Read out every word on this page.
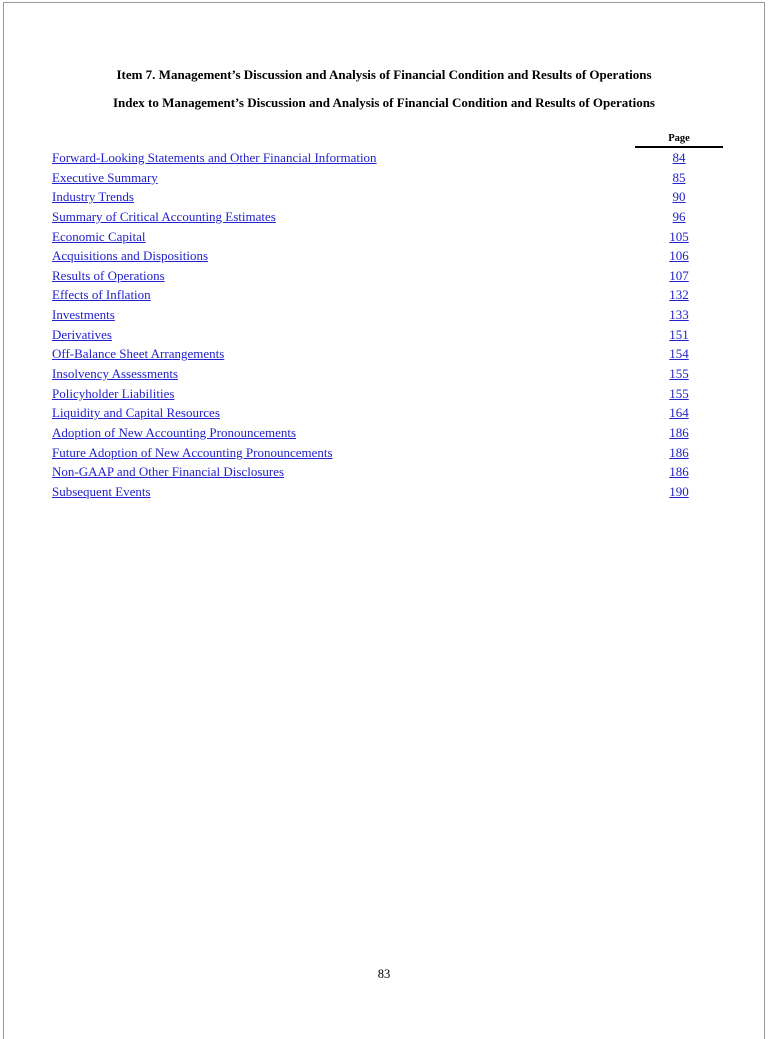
Item 7. Management’s Discussion and Analysis of Financial Condition and Results of Operations
Index to Management’s Discussion and Analysis of Financial Condition and Results of Operations
Page
Forward-Looking Statements and Other Financial Information	84
Executive Summary	85
Industry Trends	90
Summary of Critical Accounting Estimates	96
Economic Capital	105
Acquisitions and Dispositions	106
Results of Operations	107
Effects of Inflation	132
Investments	133
Derivatives	151
Off-Balance Sheet Arrangements	154
Insolvency Assessments	155
Policyholder Liabilities	155
Liquidity and Capital Resources	164
Adoption of New Accounting Pronouncements	186
Future Adoption of New Accounting Pronouncements	186
Non-GAAP and Other Financial Disclosures	186
Subsequent Events	190
83
